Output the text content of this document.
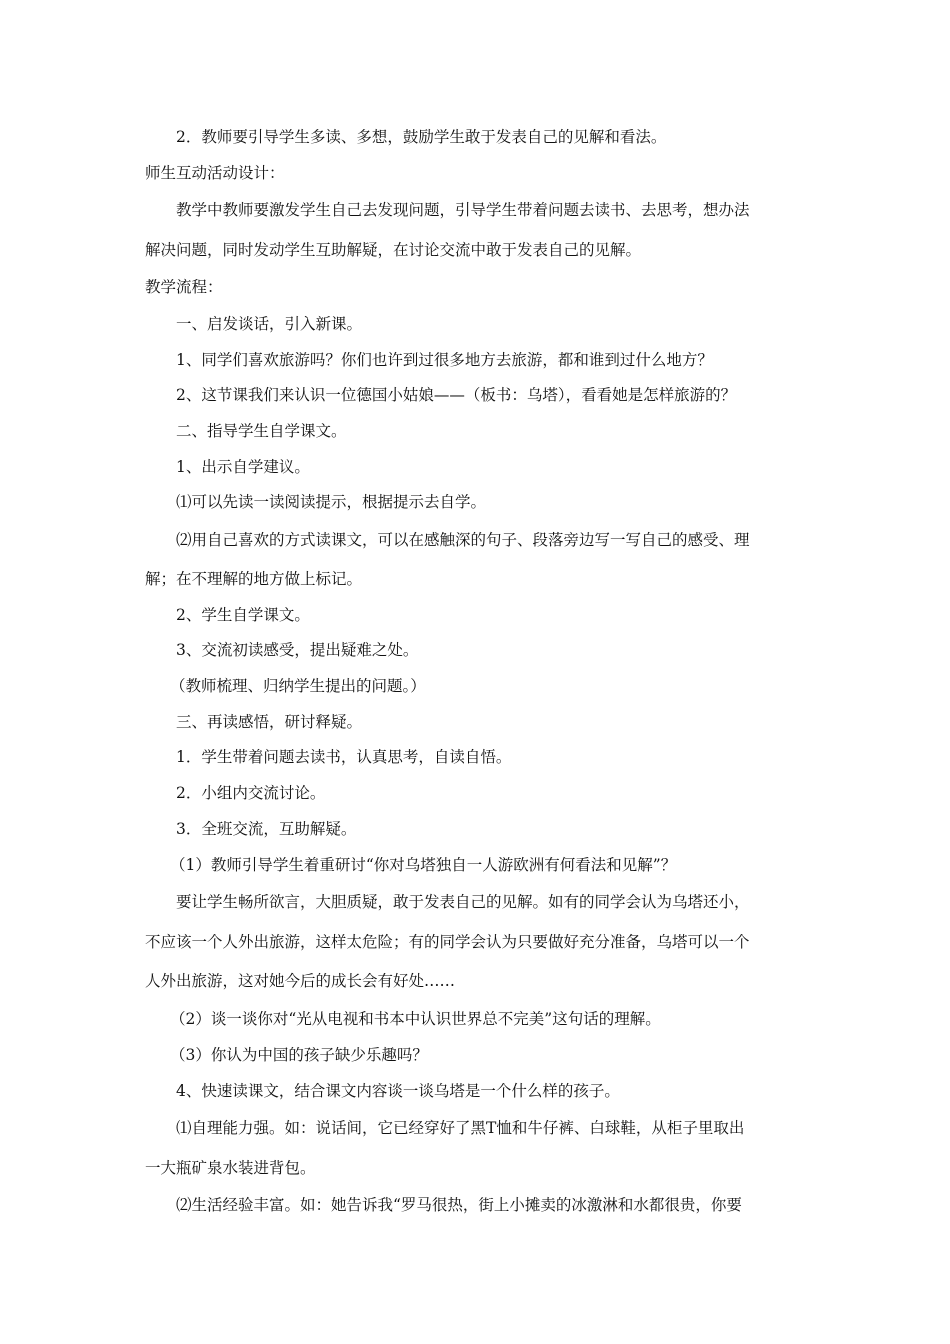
2．教师要引导学生多读、多想，鼓励学生敢于发表自己的见解和看法。
师生互动活动设计：
教学中教师要激发学生自己去发现问题，引导学生带着问题去读书、去思考，想办法
解决问题，同时发动学生互助解疑，在讨论交流中敢于发表自己的见解。
教学流程：
一、启发谈话，引入新课。
1、同学们喜欢旅游吗？你们也许到过很多地方去旅游，都和谁到过什么地方？
2、这节课我们来认识一位德国小姑娘——（板书：乌塔），看看她是怎样旅游的？
二、指导学生自学课文。
1、出示自学建议。
⑴可以先读一读阅读提示，根据提示去自学。
⑵用自己喜欢的方式读课文，可以在感触深的句子、段落旁边写一写自己的感受、理
解；在不理解的地方做上标记。
2、学生自学课文。
3、交流初读感受，提出疑难之处。
（教师梳理、归纳学生提出的问题。）
三、再读感悟，研讨释疑。
1．学生带着问题去读书，认真思考，自读自悟。
2．小组内交流讨论。
3．全班交流，互助解疑。
（1）教师引导学生着重研讨“你对乌塔独自一人游欧洲有何看法和见解”？
要让学生畅所欲言，大胆质疑，敢于发表自己的见解。如有的同学会认为乌塔还小，
不应该一个人外出旅游，这样太危险；有的同学会认为只要做好充分准备，乌塔可以一个
人外出旅游，这对她今后的成长会有好处……
（2）谈一谈你对“光从电视和书本中认识世界总不完美”这句话的理解。
（3）你认为中国的孩子缺少乐趣吗？
4、快速读课文，结合课文内容谈一谈乌塔是一个什么样的孩子。
⑴自理能力强。如：说话间，它已经穿好了黑T恤和牛仔裤、白球鞋，从柜子里取出
一大瓶矿泉水装进背包。
⑵生活经验丰富。如：她告诉我“罗马很热，街上小摊卖的冰激淋和水都很贵，你要
